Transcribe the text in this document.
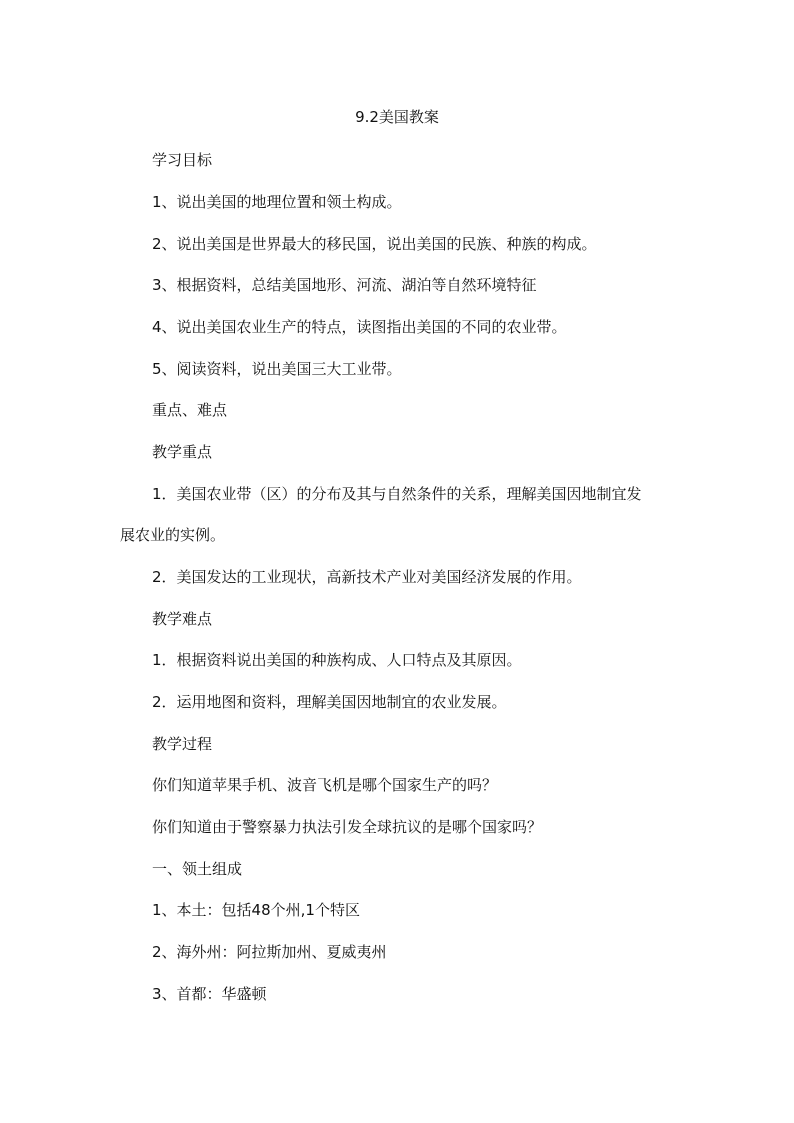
9.2美国教案
学习目标
1、说出美国的地理位置和领土构成。
2、说出美国是世界最大的移民国，说出美国的民族、种族的构成。
3、根据资料，总结美国地形、河流、湖泊等自然环境特征
4、说出美国农业生产的特点，读图指出美国的不同的农业带。
5、阅读资料，说出美国三大工业带。
重点、难点
教学重点
1．美国农业带（区）的分布及其与自然条件的关系，理解美国因地制宜发
展农业的实例。
2．美国发达的工业现状，高新技术产业对美国经济发展的作用。
教学难点
1．根据资料说出美国的种族构成、人口特点及其原因。
2．运用地图和资料，理解美国因地制宜的农业发展。
教学过程
你们知道苹果手机、波音飞机是哪个国家生产的吗？
你们知道由于警察暴力执法引发全球抗议的是哪个国家吗？
一、领土组成
1、本土：包括48个州,1个特区
2、海外州：阿拉斯加州、夏威夷州
3、首都：华盛顿
